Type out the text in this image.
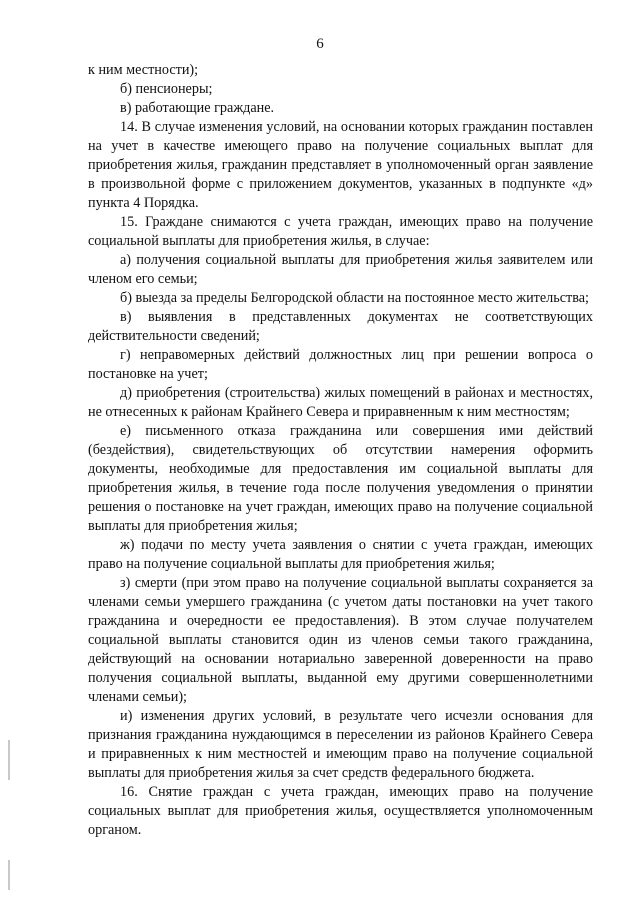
6

к ним местности);

б) пенсионеры;

в) работающие граждане.

14. В случае изменения условий, на основании которых гражданин поставлен на учет в качестве имеющего право на получение социальных выплат для приобретения жилья, гражданин представляет в уполномоченный орган заявление в произвольной форме с приложением документов, указанных в подпункте «д» пункта 4 Порядка.

15. Граждане снимаются с учета граждан, имеющих право на получение социальной выплаты для приобретения жилья, в случае:

а) получения социальной выплаты для приобретения жилья заявителем или членом его семьи;

б) выезда за пределы Белгородской области на постоянное место жительства;

в) выявления в представленных документах не соответствующих действительности сведений;

г) неправомерных действий должностных лиц при решении вопроса о постановке на учет;

д) приобретения (строительства) жилых помещений в районах и местностях, не отнесенных к районам Крайнего Севера и приравненным к ним местностям;

е) письменного отказа гражданина или совершения ими действий (бездействия), свидетельствующих об отсутствии намерения оформить документы, необходимые для предоставления им социальной выплаты для приобретения жилья, в течение года после получения уведомления о принятии решения о постановке на учет граждан, имеющих право на получение социальной выплаты для приобретения жилья;

ж) подачи по месту учета заявления о снятии с учета граждан, имеющих право на получение социальной выплаты для приобретения жилья;

з) смерти (при этом право на получение социальной выплаты сохраняется за членами семьи умершего гражданина (с учетом даты постановки на учет такого гражданина и очередности ее предоставления). В этом случае получателем социальной выплаты становится один из членов семьи такого гражданина, действующий на основании нотариально заверенной доверенности на право получения социальной выплаты, выданной ему другими совершеннолетними членами семьи);

и) изменения других условий, в результате чего исчезли основания для признания гражданина нуждающимся в переселении из районов Крайнего Севера и приравненных к ним местностей и имеющим право на получение социальной выплаты для приобретения жилья за счет средств федерального бюджета.

16. Снятие граждан с учета граждан, имеющих право на получение социальных выплат для приобретения жилья, осуществляется уполномоченным органом.
